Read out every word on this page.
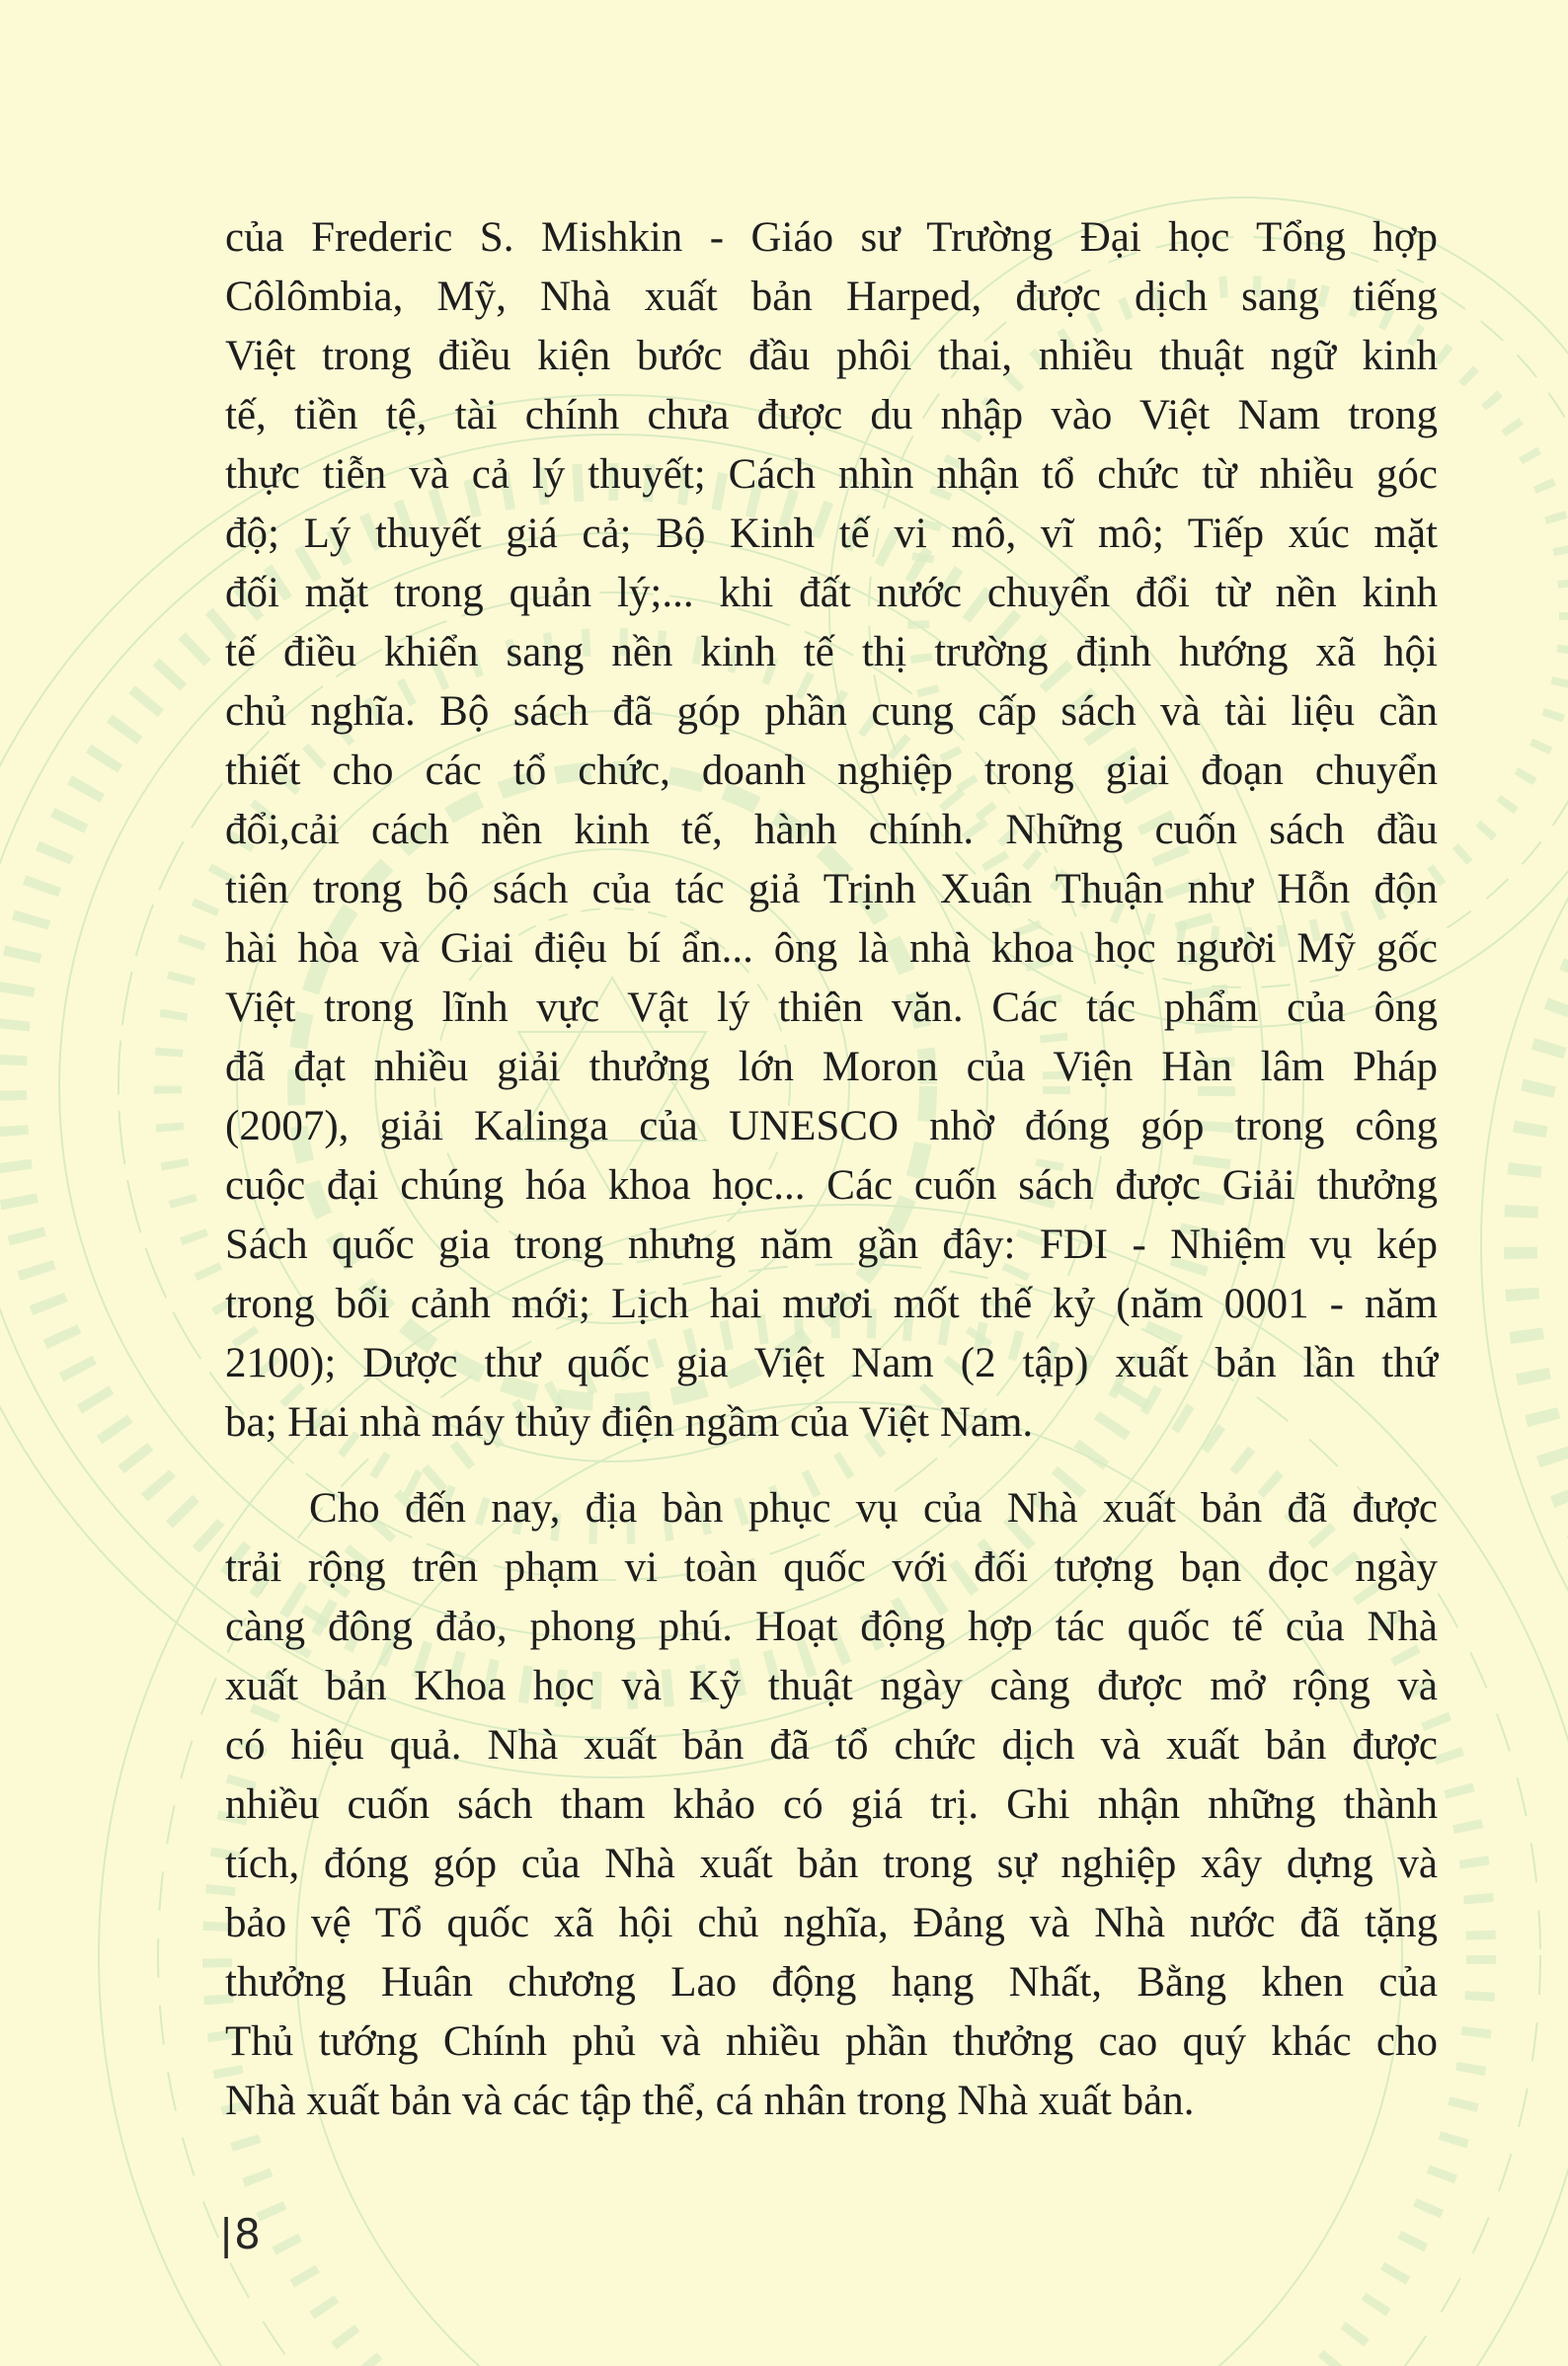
của Frederic S. Mishkin - Giáo sư Trường Đại học Tổng hợp
Côlômbia, Mỹ, Nhà xuất bản Harped, được dịch sang tiếng
Việt trong điều kiện bước đầu phôi thai, nhiều thuật ngữ kinh
tế, tiền tệ, tài chính chưa được du nhập vào Việt Nam trong
thực tiễn và cả lý thuyết; Cách nhìn nhận tổ chức từ nhiều góc
độ; Lý thuyết giá cả; Bộ Kinh tế vi mô, vĩ mô; Tiếp xúc mặt
đối mặt trong quản lý;... khi đất nước chuyển đổi từ nền kinh
tế điều khiển sang nền kinh tế thị trường định hướng xã hội
chủ nghĩa. Bộ sách đã góp phần cung cấp sách và tài liệu cần
thiết cho các tổ chức, doanh nghiệp trong giai đoạn chuyển
đổi,cải cách nền kinh tế, hành chính. Những cuốn sách đầu
tiên trong bộ sách của tác giả Trịnh Xuân Thuận như Hỗn độn
hài hòa và Giai điệu bí ẩn... ông là nhà khoa học người Mỹ gốc
Việt trong lĩnh vực Vật lý thiên văn. Các tác phẩm của ông
đã đạt nhiều giải thưởng lớn Moron của Viện Hàn lâm Pháp
(2007), giải Kalinga của UNESCO nhờ đóng góp trong công
cuộc đại chúng hóa khoa học... Các cuốn sách được Giải thưởng
Sách quốc gia trong nhưng năm gần đây: FDI - Nhiệm vụ kép
trong bối cảnh mới; Lịch hai mươi mốt thế kỷ (năm 0001 - năm
2100); Dược thư quốc gia Việt Nam (2 tập) xuất bản lần thứ
ba; Hai nhà máy thủy điện ngầm của Việt Nam.
Cho đến nay, địa bàn phục vụ của Nhà xuất bản đã được
trải rộng trên phạm vi toàn quốc với đối tượng bạn đọc ngày
càng đông đảo, phong phú. Hoạt động hợp tác quốc tế của Nhà
xuất bản Khoa học và Kỹ thuật ngày càng được mở rộng và
có hiệu quả. Nhà xuất bản đã tổ chức dịch và xuất bản được
nhiều cuốn sách tham khảo có giá trị. Ghi nhận những thành
tích, đóng góp của Nhà xuất bản trong sự nghiệp xây dựng và
bảo vệ Tổ quốc xã hội chủ nghĩa, Đảng và Nhà nước đã tặng
thưởng Huân chương Lao động hạng Nhất, Bằng khen của
Thủ tướng Chính phủ và nhiều phần thưởng cao quý khác cho
Nhà xuất bản và các tập thể, cá nhân trong Nhà xuất bản.
|8
